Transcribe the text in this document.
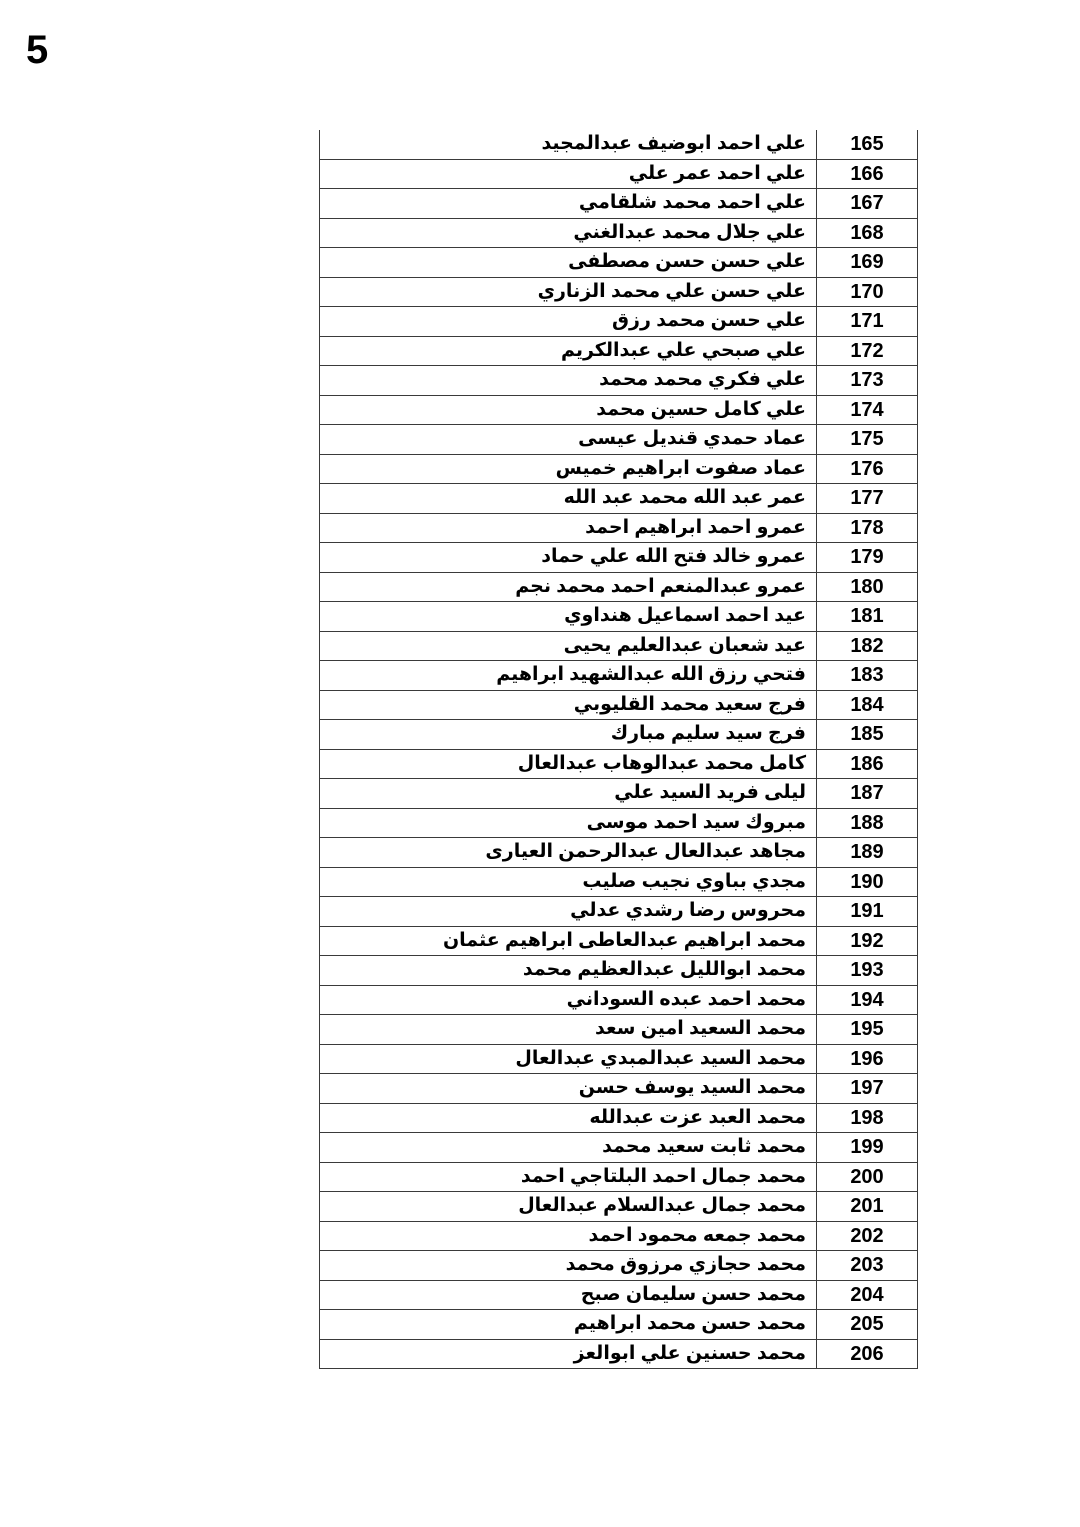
5
علي احمد ابوضيف عبدالمجيد	165
علي احمد عمر علي	166
علي احمد محمد شلقامي	167
علي جلال محمد عبدالغني	168
علي حسن حسن مصطفى	169
علي حسن علي محمد الزناري	170
علي حسن محمد رزق	171
علي صبحي علي عبدالكريم	172
علي فكري محمد محمد	173
علي كامل حسين محمد	174
عماد حمدي قنديل عيسى	175
عماد صفوت ابراهيم خميس	176
عمر عبد الله محمد عبد الله	177
عمرو احمد ابراهيم احمد	178
عمرو خالد فتح الله علي حماد	179
عمرو عبدالمنعم احمد محمد نجم	180
عيد احمد اسماعيل هنداوي	181
عيد شعبان عبدالعليم يحيى	182
فتحي رزق الله عبدالشهيد ابراهيم	183
فرج سعيد محمد القليوبي	184
فرج سيد سليم مبارك	185
كامل محمد عبدالوهاب عبدالعال	186
ليلى فريد السيد علي	187
مبروك سيد احمد موسى	188
مجاهد عبدالعال عبدالرحمن العيارى	189
مجدي بباوي نجيب صليب	190
محروس رضا رشدي عدلي	191
محمد ابراهيم عبدالعاطى ابراهيم عثمان	192
محمد ابوالليل عبدالعظيم محمد	193
محمد احمد عبده السوداني	194
محمد السعيد امين سعد	195
محمد السيد عبدالمبدي عبدالعال	196
محمد السيد يوسف حسن	197
محمد العبد عزت عبدالله	198
محمد ثابت سعيد محمد	199
محمد جمال احمد البلتاجي احمد	200
محمد جمال عبدالسلام عبدالعال	201
محمد جمعه محمود احمد	202
محمد حجازي مرزوق محمد	203
محمد حسن سليمان صبح	204
محمد حسن محمد ابراهيم	205
محمد حسنين علي ابوالعز	206
